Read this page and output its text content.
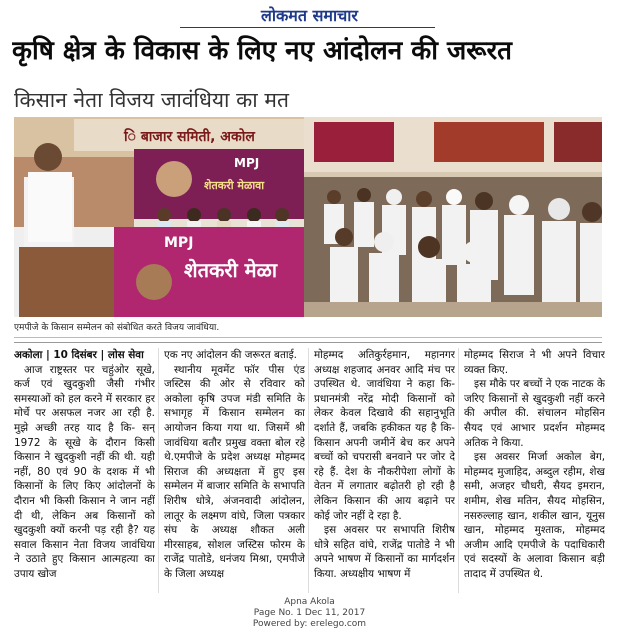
लोकमत समाचार
कृषि क्षेत्र के विकास के लिए नए आंदोलन की जरूरत
किसान नेता विजय जावंधिया का मत
ि बाजार समिती, अकोल
MPJ
शेतकरी मेळावा
MPJ
शेतकरी मेळा
एमपीजे के किसान सम्मेलन को संबोधित करते विजय जावंधिया.
अकोला | 10 दिसंबर | लोस सेवा

आज राष्ट्रस्तर पर चहुंओर सूखे, कर्ज एवं खुदकुशी जैसी गंभीर समस्याओं को हल करने में सरकार हर मोर्चे पर असफल नजर आ रही है. मुझे अच्छी तरह याद है कि- सन् 1972 के सूखे के दौरान किसी किसान ने खुदकुशी नहीं की थी. यही नहीं, 80 एवं 90 के दशक में भी किसानों के लिए किए आंदोलनों के दौरान भी किसी किसान ने जान नहीं दी थी, लेकिन अब किसानों को खुदकुशी क्यों करनी पड़ रही है? यह सवाल किसान नेता विजय जावंधिया ने उठाते हुए किसान आत्महत्या का उपाय खोज

एक नए आंदोलन की जरूरत बताई.

स्थानीय मूवमेंट फॉर पीस एंड जस्टिस की ओर से रविवार को अकोला कृषि उपज मंडी समिति के सभागृह में किसान सम्मेलन का आयोजन किया गया था. जिसमें श्री जावंधिया बतौर प्रमुख वक्ता बोल रहे थे.एमपीजे के प्रदेश अध्यक्ष मोहम्मद सिराज की अध्यक्षता में हुए इस सम्मेलन में बाजार समिति के सभापति शिरीष धोत्रे, अंजनवादी आंदोलन, लातूर के लक्ष्मण वांघे, जिला पत्रकार संघ के अध्यक्ष शौकत अली मीरसाहब, सोशल जस्टिस फोरम के राजेंद्र पातोडे, धनंजय मिश्रा, एमपीजे के जिला अध्यक्ष

मोहम्मद अतिकुर्रहमान, महानगर अध्यक्ष शहजाद अनवर आदि मंच पर उपस्थित थे. जावंधिया ने कहा कि- प्रधानमंत्री नरेंद्र मोदी किसानों को लेकर केवल दिखावे की सहानुभूति दर्शाते हैं, जबकि हकीकत यह है कि- किसान अपनी जमीनें बेच कर अपने बच्चों को चपरासी बनवाने पर जोर दे रहे हैं. देश के नौकरीपेशा लोगों के वेतन में लगातार बढ़ोतरी हो रही है लेकिन किसान की आय बढ़ाने पर कोई जोर नहीं दे रहा है.

इस अवसर पर सभापति शिरीष धोत्रे सहित वांघे, राजेंद्र पातोडे ने भी अपने भाषण में किसानों का मार्गदर्शन किया. अध्यक्षीय भाषण में

मोहम्मद सिराज ने भी अपने विचार व्यक्त किए.

इस मौके पर बच्चों ने एक नाटक के जरिए किसानों से खुदकुशी नहीं करने की अपील की. संचालन मोहसिन सैयद एवं आभार प्रदर्शन मोहम्मद अतिक ने किया.

इस अवसर मिर्जा अकोल बेग, मोहम्मद मुजाहिद, अब्दुल रहीम, शेख समी, अजहर चौधरी, सैयद इमरान, शमीम, शेख मतिन, सैयद मोहसिन, नसरुल्लाह खान, शकील खान, यूनुस खान, मोहम्मद मुश्ताक, मोहम्मद अजीम आदि एमपीजे के पदाधिकारी एवं सदस्यों के अलावा किसान बड़ी तादाद में उपस्थित थे.

Apna Akola
Page No. 1 Dec 11, 2017
Powered by: erelego.com
